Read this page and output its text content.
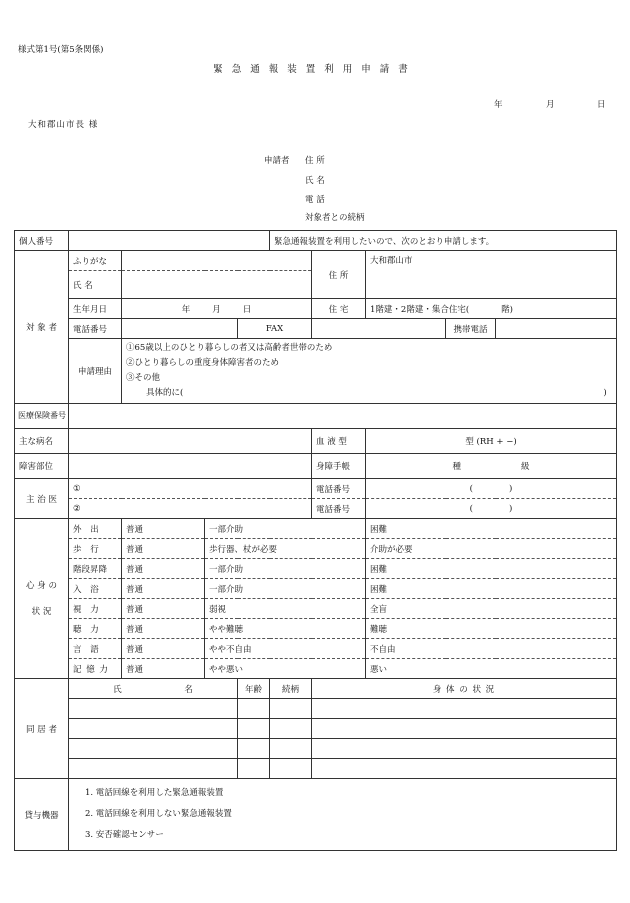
様式第1号(第5条関係)
緊急通報装置利用申請書
年	月	日
大和郡山市長 様
申請者 住 所
氏 名
電 話
対象者との続柄
個人番号					緊急通報装置を利用したいので、次のとおり申請します。				
対 象 者	ふりがな					住 所	大和郡山市		
	氏 名								
	生年月日	年 月 日				住 宅	1階建・2階建・集合住宅( 階)		
	電話番号			FAX				携帯電話	
	申請理由	①65歳以上のひとり暮らしの者又は高齢者世帯のため
②ひとり暮らしの重度身体障害者のため
③その他
具体的に( )							

医療保険番号									
主な病名						血 液 型	型 (RH + −)		
障害部位						身障手帳	種 級		
主 治 医	①					電話番号	( )		
	②					電話番号	( )		

心 身 の
状 況	外 出	普通	一部介助				困難		
	歩 行	普通	歩行器、杖が必要				介助が必要		
	階段昇降	普通	一部介助				困難		
	入 浴	普通	一部介助				困難		
	視 力	普通	弱視				全盲		
	聴 力	普通	やや難聴				難聴		
	言 語	普通	やや不自由				不自由		
	記 憶 力	普通	やや悪い				悪い		
同 居 者	氏 名			年齢	続柄	身 体 の 状 況			

貸与機器	1. 電話回線を利用した緊急通報装置
2. 電話回線を利用しない緊急通報装置
3. 安否確認センサー								
